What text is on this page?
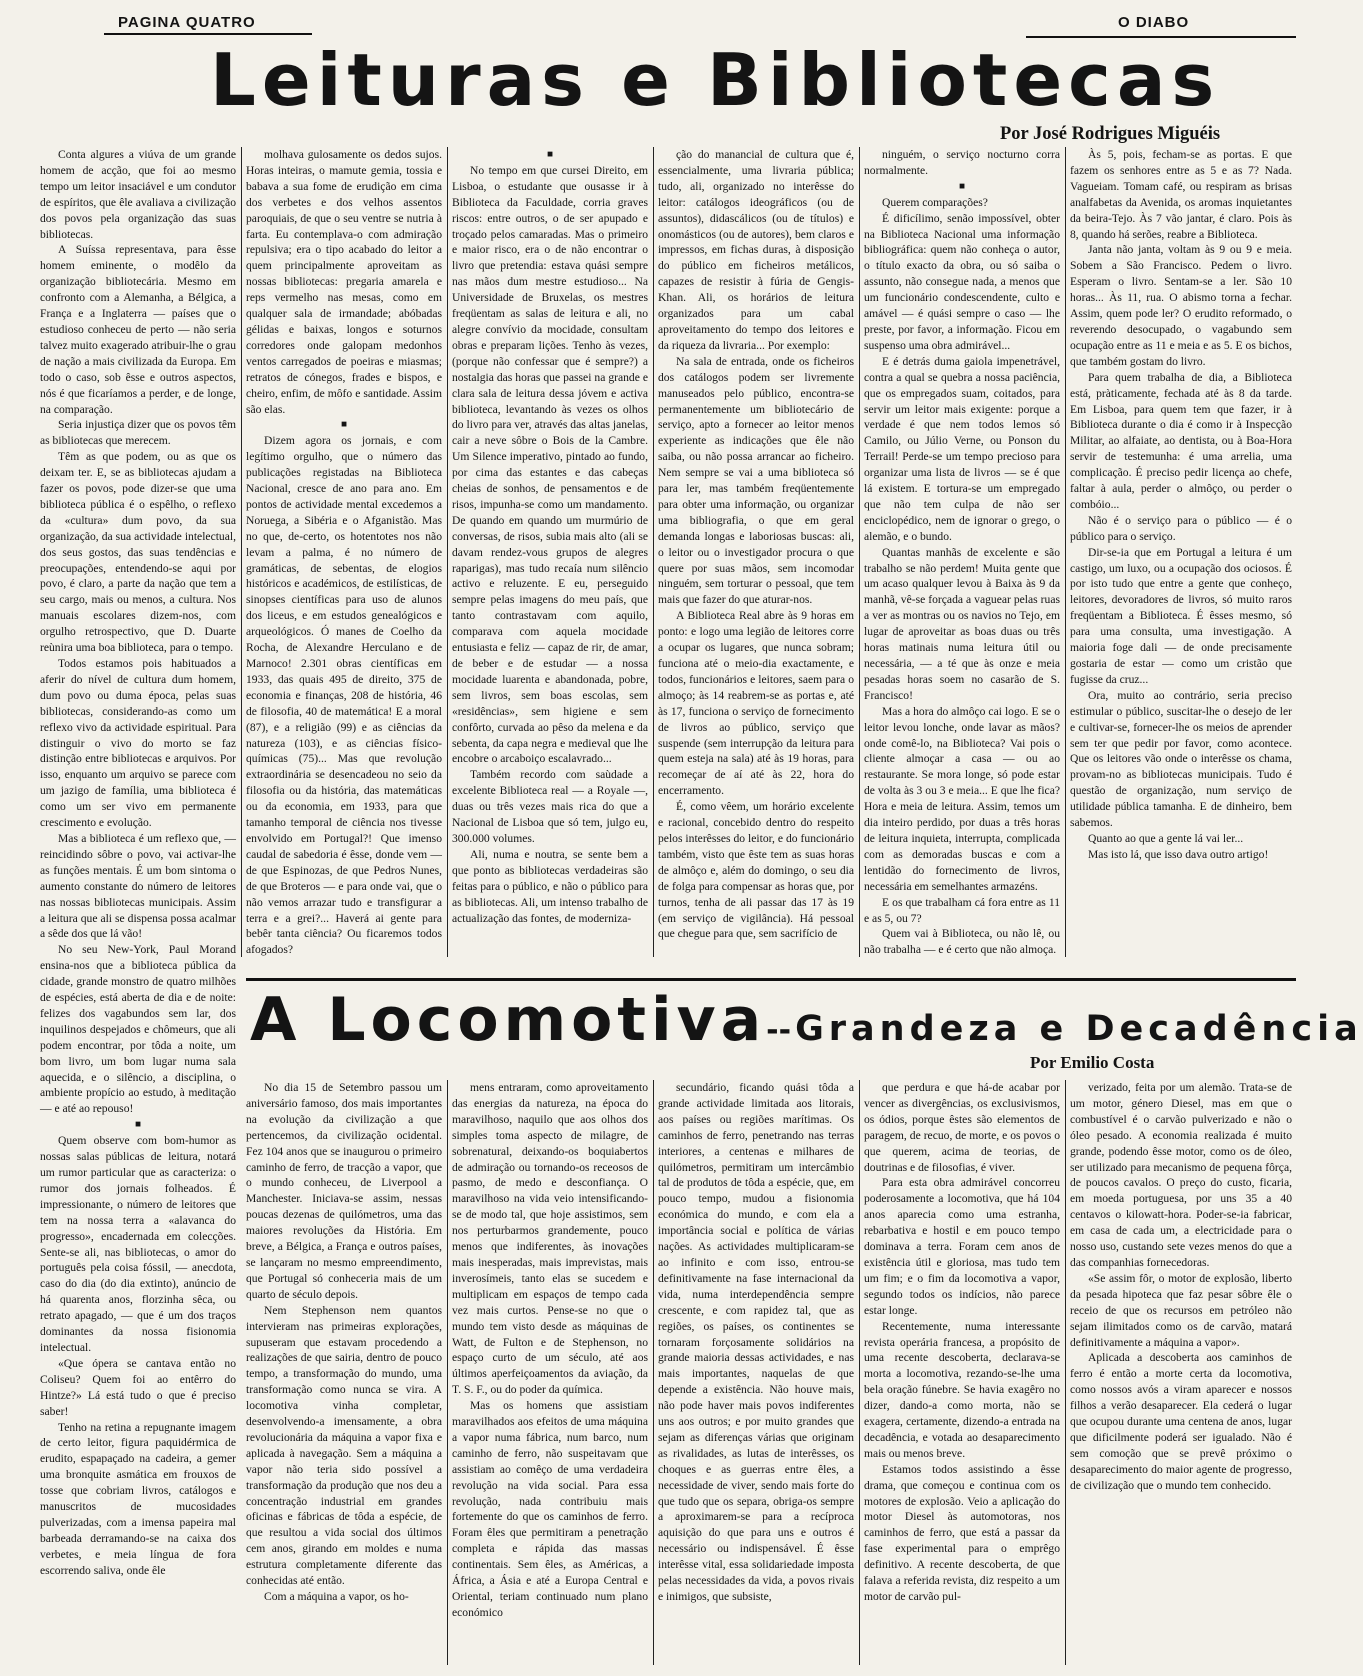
PAGINA QUATRO	O DIABO
Leituras e Bibliotecas
Por José Rodrigues Miguéis

Conta algures a viúva de um grande homem de acção, que foi ao mesmo tempo um leitor insaciável e um condutor de espíritos, que êle avaliava a civilização dos povos pela organização das suas bibliotecas.

A Suíssa representava, para êsse homem eminente, o modêlo da organização bibliotecária. Mesmo em confronto com a Alemanha, a Bélgica, a França e a Inglaterra — países que o estudioso conheceu de perto — não seria talvez muito exagerado atribuir-lhe o grau de nação a mais civilizada da Europa. Em todo o caso, sob êsse e outros aspectos, nós é que ficaríamos a perder, e de longe, na comparação.

Seria injustiça dizer que os povos têm as bibliotecas que merecem.

Têm as que podem, ou as que os deixam ter. E, se as bibliotecas ajudam a fazer os povos, pode dizer-se que uma biblioteca pública é o espêlho, o reflexo da «cultura» dum povo, da sua organização, da sua actividade intelectual, dos seus gostos, das suas tendências e preocupações, entendendo-se aqui por povo, é claro, a parte da nação que tem a seu cargo, mais ou menos, a cultura. Nos manuais escolares dizem-nos, com orgulho retrospectivo, que D. Duarte reùnira uma boa biblioteca, para o tempo.

Todos estamos pois habituados a aferir do nível de cultura dum homem, dum povo ou duma época, pelas suas bibliotecas, considerando-as como um reflexo vivo da actividade espiritual. Para distinguir o vivo do morto se faz distinção entre bibliotecas e arquivos. Por isso, enquanto um arquivo se parece com um jazigo de família, uma biblioteca é como um ser vivo em permanente crescimento e evolução.

Mas a biblioteca é um reflexo que, — reincidindo sôbre o povo, vai activar-lhe as funções mentais. É um bom sintoma o aumento constante do número de leitores nas nossas bibliotecas municipais. Assim a leitura que ali se dispensa possa acalmar a sêde dos que lá vão!

No seu New-York, Paul Morand ensina-nos que a biblioteca pública da cidade, grande monstro de quatro milhões de espécies, está aberta de dia e de noite: felizes dos vagabundos sem lar, dos inquilinos despejados e chômeurs, que ali podem encontrar, por tôda a noite, um bom livro, um bom lugar numa sala aquecida, e o silêncio, a disciplina, o ambiente propício ao estudo, à meditação — e até ao repouso!

■

Quem observe com bom-humor as nossas salas públicas de leitura, notará um rumor particular que as caracteriza: o rumor dos jornais folheados. É impressionante, o número de leitores que tem na nossa terra a «alavanca do progresso», encadernada em colecções. Sente-se ali, nas bibliotecas, o amor do português pela coisa fóssil, — anecdota, caso do dia (do dia extinto), anúncio de há quarenta anos, florzinha sêca, ou retrato apagado, — que é um dos traços dominantes da nossa fisionomia intelectual.

«Que ópera se cantava então no Coliseu? Quem foi ao entêrro do Hintze?» Lá está tudo o que é preciso saber!

Tenho na retina a repugnante imagem de certo leitor, figura paquidérmica de erudito, espapaçado na cadeira, a gemer uma bronquite asmática em frouxos de tosse que cobriam livros, catálogos e manuscritos de mucosidades pulverizadas, com a imensa papeira mal barbeada derramando-se na caixa dos verbetes, e meia língua de fora escorrendo saliva, onde êle

molhava gulosamente os dedos sujos. Horas inteiras, o mamute gemia, tossia e babava a sua fome de erudição em cima dos verbetes e dos velhos assentos paroquiais, de que o seu ventre se nutria à farta. Eu contemplava-o com admiração repulsiva; era o tipo acabado do leitor a quem principalmente aproveitam as nossas bibliotecas: pregaria amarela e reps vermelho nas mesas, como em qualquer sala de irmandade; abóbadas gélidas e baixas, longos e soturnos corredores onde galopam medonhos ventos carregados de poeiras e miasmas; retratos de cónegos, frades e bispos, e cheiro, enfim, de môfo e santidade. Assim são elas.

■

Dizem agora os jornais, e com legítimo orgulho, que o número das publicações registadas na Biblioteca Nacional, cresce de ano para ano. Em pontos de actividade mental excedemos a Noruega, a Sibéria e o Afganistão. Mas no que, de-certo, os hotentotes nos não levam a palma, é no número de gramáticas, de sebentas, de elogios históricos e académicos, de estilísticas, de sinopses científicas para uso de alunos dos liceus, e em estudos genealógicos e arqueológicos. Ó manes de Coelho da Rocha, de Alexandre Herculano e de Marnoco! 2.301 obras científicas em 1933, das quais 495 de direito, 375 de economia e finanças, 208 de história, 46 de filosofia, 40 de matemática! E a moral (87), e a religião (99) e as ciências da natureza (103), e as ciências físico-químicas (75)... Mas que revolução extraordinária se desencadeou no seio da filosofia ou da história, das matemáticas ou da economia, em 1933, para que tamanho temporal de ciência nos tivesse envolvido em Portugal?! Que imenso caudal de sabedoria é êsse, donde vem — de que Espinozas, de que Pedros Nunes, de que Broteros — e para onde vai, que o não vemos arrazar tudo e transfigurar a terra e a grei?... Haverá ai gente para bebêr tanta ciência? Ou ficaremos todos afogados?

■

No tempo em que cursei Direito, em Lisboa, o estudante que ousasse ir à Biblioteca da Faculdade, corria graves riscos: entre outros, o de ser apupado e troçado pelos camaradas. Mas o primeiro e maior risco, era o de não encontrar o livro que pretendia: estava quási sempre nas mãos dum mestre estudioso... Na Universidade de Bruxelas, os mestres freqüentam as salas de leitura e ali, no alegre convívio da mocidade, consultam obras e preparam lições. Tenho às vezes, (porque não confessar que é sempre?) a nostalgia das horas que passei na grande e clara sala de leitura dessa jóvem e activa biblioteca, levantando às vezes os olhos do livro para ver, através das altas janelas, cair a neve sôbre o Bois de la Cambre. Um Silence imperativo, pintado ao fundo, por cima das estantes e das cabeças cheias de sonhos, de pensamentos e de risos, impunha-se como um mandamento. De quando em quando um murmúrio de conversas, de risos, subia mais alto (ali se davam rendez-vous grupos de alegres raparigas), mas tudo recaía num silêncio activo e reluzente. E eu, perseguido sempre pelas imagens do meu país, que tanto contrastavam com aquilo, comparava com aquela mocidade entusiasta e feliz — capaz de rir, de amar, de beber e de estudar — a nossa mocidade luarenta e abandonada, pobre, sem livros, sem boas escolas, sem «residências», sem higiene e sem confôrto, curvada ao pêso da melena e da sebenta, da capa negra e medieval que lhe encobre o arcaboiço escalavrado...

Também recordo com saùdade a excelente Biblioteca real — a Royale —, duas ou três vezes mais rica do que a Nacional de Lisboa que só tem, julgo eu, 300.000 volumes.

Ali, numa e noutra, se sente bem a que ponto as bibliotecas verdadeiras são feitas para o público, e não o público para as bibliotecas. Ali, um intenso trabalho de actualização das fontes, de moderniza-

ção do manancial de cultura que é, essencialmente, uma livraria pública; tudo, ali, organizado no interêsse do leitor: catálogos ideográficos (ou de assuntos), didascálicos (ou de títulos) e onomásticos (ou de autores), bem claros e impressos, em fichas duras, à disposição do público em ficheiros metálicos, capazes de resistir à fúria de Gengis-Khan. Ali, os horários de leitura organizados para um cabal aproveitamento do tempo dos leitores e da riqueza da livraria... Por exemplo:

Na sala de entrada, onde os ficheiros dos catálogos podem ser livremente manuseados pelo público, encontra-se permanentemente um bibliotecário de serviço, apto a fornecer ao leitor menos experiente as indicações que êle não saiba, ou não possa arrancar ao ficheiro. Nem sempre se vai a uma biblioteca só para ler, mas também freqüentemente para obter uma informação, ou organizar uma bibliografia, o que em geral demanda longas e laboriosas buscas: ali, o leitor ou o investigador procura o que quere por suas mãos, sem incomodar ninguém, sem torturar o pessoal, que tem mais que fazer do que aturar-nos.

A Biblioteca Real abre às 9 horas em ponto: e logo uma legião de leitores corre a ocupar os lugares, que nunca sobram; funciona até o meio-dia exactamente, e todos, funcionários e leitores, saem para o almoço; às 14 reabrem-se as portas e, até às 17, funciona o serviço de fornecimento de livros ao público, serviço que suspende (sem interrupção da leitura para quem esteja na sala) até às 19 horas, para recomeçar de aí até às 22, hora do encerramento.

É, como vêem, um horário excelente e racional, concebido dentro do respeito pelos interêsses do leitor, e do funcionário também, visto que êste tem as suas horas de almôço e, além do domingo, o seu dia de folga para compensar as horas que, por turnos, tenha de ali passar das 17 às 19 (em serviço de vigilância). Há pessoal que chegue para que, sem sacrifício de

ninguém, o serviço nocturno corra normalmente.

■

Querem comparações?

É dificílimo, senão impossível, obter na Biblioteca Nacional uma informação bibliográfica: quem não conheça o autor, o título exacto da obra, ou só saiba o assunto, não consegue nada, a menos que um funcionário condescendente, culto e amável — é quási sempre o caso — lhe preste, por favor, a informação. Ficou em suspenso uma obra admirável...

E é detrás duma gaiola impenetrável, contra a qual se quebra a nossa paciência, que os empregados suam, coitados, para servir um leitor mais exigente: porque a verdade é que nem todos lemos só Camilo, ou Júlio Verne, ou Ponson du Terrail! Perde-se um tempo precioso para organizar uma lista de livros — se é que lá existem. E tortura-se um empregado que não tem culpa de não ser enciclopédico, nem de ignorar o grego, o alemão, e o bundo.

Quantas manhãs de excelente e são trabalho se não perdem! Muita gente que um acaso qualquer levou à Baixa às 9 da manhã, vê-se forçada a vaguear pelas ruas a ver as montras ou os navios no Tejo, em lugar de aproveitar as boas duas ou três horas matinais numa leitura útil ou necessária, — a té que às onze e meia pesadas horas soem no casarão de S. Francisco!

Mas a hora do almôço cai logo. E se o leitor levou lonche, onde lavar as mãos? onde comê-lo, na Biblioteca? Vai pois o cliente almoçar a casa — ou ao restaurante. Se mora longe, só pode estar de volta às 3 ou 3 e meia... E que lhe fica? Hora e meia de leitura. Assim, temos um dia inteiro perdido, por duas a três horas de leitura inquieta, interrupta, complicada com as demoradas buscas e com a lentidão do fornecimento de livros, necessária em semelhantes armazéns.

E os que trabalham cá fora entre as 11 e as 5, ou 7?

Quem vai à Biblioteca, ou não lê, ou não trabalha — e é certo que não almoça.

Às 5, pois, fecham-se as portas. E que fazem os senhores entre as 5 e as 7? Nada. Vagueiam. Tomam café, ou respiram as brisas analfabetas da Avenida, os aromas inquietantes da beira-Tejo. Às 7 vão jantar, é claro. Pois às 8, quando há serões, reabre a Biblioteca.

Janta não janta, voltam às 9 ou 9 e meia. Sobem a São Francisco. Pedem o livro. Esperam o livro. Sentam-se a ler. São 10 horas... Às 11, rua. O abismo torna a fechar. Assim, quem pode ler? O erudito reformado, o reverendo desocupado, o vagabundo sem ocupação entre as 11 e meia e as 5. E os bichos, que também gostam do livro.

Para quem trabalha de dia, a Biblioteca está, pràticamente, fechada até às 8 da tarde. Em Lisboa, para quem tem que fazer, ir à Biblioteca durante o dia é como ir à Inspecção Militar, ao alfaiate, ao dentista, ou à Boa-Hora servir de testemunha: é uma arrelia, uma complicação. É preciso pedir licença ao chefe, faltar à aula, perder o almôço, ou perder o combóio...

Não é o serviço para o público — é o público para o serviço.

Dir-se-ia que em Portugal a leitura é um castigo, um luxo, ou a ocupação dos ociosos. É por isto tudo que entre a gente que conheço, leitores, devoradores de livros, só muito raros freqüentam a Biblioteca. É êsses mesmo, só para uma consulta, uma investigação. A maioria foge dali — de onde precisamente gostaria de estar — como um cristão que fugisse da cruz...

Ora, muito ao contrário, seria preciso estimular o público, suscitar-lhe o desejo de ler e cultivar-se, fornecer-lhe os meios de aprender sem ter que pedir por favor, como acontece. Que os leitores vão onde o interêsse os chama, provam-no as bibliotecas municipais. Tudo é questão de organização, num serviço de utilidade pública tamanha. E de dinheiro, bem sabemos.

Quanto ao que a gente lá vai ler...

Mas isto lá, que isso dava outro artigo!

A Locomotiva-- Grandeza e Decadência
Por Emilio Costa

No dia 15 de Setembro passou um aniversário famoso, dos mais importantes na evolução da civilização a que pertencemos, da civilização ocidental. Fez 104 anos que se inaugurou o primeiro caminho de ferro, de tracção a vapor, que o mundo conheceu, de Liverpool a Manchester. Iniciava-se assim, nessas poucas dezenas de quilómetros, uma das maiores revoluções da História. Em breve, a Bélgica, a França e outros países, se lançaram no mesmo empreendimento, que Portugal só conheceria mais de um quarto de século depois.

Nem Stephenson nem quantos intervieram nas primeiras explorações, supuseram que estavam procedendo a realizações de que sairia, dentro de pouco tempo, a transformação do mundo, uma transformação como nunca se vira. A locomotiva vinha completar, desenvolvendo-a imensamente, a obra revolucionária da máquina a vapor fixa e aplicada à navegação. Sem a máquina a vapor não teria sido possível a transformação da produção que nos deu a concentração industrial em grandes oficinas e fábricas de tôda a espécie, de que resultou a vida social dos últimos cem anos, girando em moldes e numa estrutura completamente diferente das conhecidas até então.

Com a máquina a vapor, os ho-

mens entraram, como aproveitamento das energias da natureza, na época do maravilhoso, naquilo que aos olhos dos simples toma aspecto de milagre, de sobrenatural, deixando-os boquiabertos de admiração ou tornando-os receosos de pasmo, de medo e desconfiança. O maravilhoso na vida veio intensificando-se de modo tal, que hoje assistimos, sem nos perturbarmos grandemente, pouco menos que indiferentes, às inovações mais inesperadas, mais imprevistas, mais inverosímeis, tanto elas se sucedem e multiplicam em espaços de tempo cada vez mais curtos. Pense-se no que o mundo tem visto desde as máquinas de Watt, de Fulton e de Stephenson, no espaço curto de um século, até aos últimos aperfeiçoamentos da aviação, da T. S. F., ou do poder da química.

Mas os homens que assistiam maravilhados aos efeitos de uma máquina a vapor numa fábrica, num barco, num caminho de ferro, não suspeitavam que assistiam ao comêço de uma verdadeira revolução na vida social. Para essa revolução, nada contribuiu mais fortemente do que os caminhos de ferro. Foram êles que permitiram a penetração completa e rápida das massas continentais. Sem êles, as Américas, a África, a Ásia e até a Europa Central e Oriental, teriam continuado num plano económico

secundário, ficando quási tôda a grande actividade limitada aos litorais, aos países ou regiões marítimas. Os caminhos de ferro, penetrando nas terras interiores, a centenas e milhares de quilómetros, permitiram um intercâmbio tal de produtos de tôda a espécie, que, em pouco tempo, mudou a fisionomia económica do mundo, e com ela a importância social e política de várias nações. As actividades multiplicaram-se ao infinito e com isso, entrou-se definitivamente na fase internacional da vida, numa interdependência sempre crescente, e com rapidez tal, que as regiões, os países, os continentes se tornaram forçosamente solidários na grande maioria dessas actividades, e nas mais importantes, naquelas de que depende a existência. Não houve mais, não pode haver mais povos indiferentes uns aos outros; e por muito grandes que sejam as diferenças várias que originam as rivalidades, as lutas de interêsses, os choques e as guerras entre êles, a necessidade de viver, sendo mais forte do que tudo que os separa, obriga-os sempre a aproximarem-se para a recíproca aquisição do que para uns e outros é necessário ou indispensável. É êsse interêsse vital, essa solidariedade imposta pelas necessidades da vida, a povos rivais e inimigos, que subsiste,

que perdura e que há-de acabar por vencer as divergências, os exclusivismos, os ódios, porque êstes são elementos de paragem, de recuo, de morte, e os povos o que querem, acima de teorias, de doutrinas e de filosofias, é viver.

Para esta obra admirável concorreu poderosamente a locomotiva, que há 104 anos aparecia como uma estranha, rebarbativa e hostil e em pouco tempo dominava a terra. Foram cem anos de existência útil e gloriosa, mas tudo tem um fim; e o fim da locomotiva a vapor, segundo todos os indícios, não parece estar longe.

Recentemente, numa interessante revista operária francesa, a propósito de uma recente descoberta, declarava-se morta a locomotiva, rezando-se-lhe uma bela oração fúnebre. Se havia exagêro no dizer, dando-a como morta, não se exagera, certamente, dizendo-a entrada na decadência, e votada ao desaparecimento mais ou menos breve.

Estamos todos assistindo a êsse drama, que começou e continua com os motores de explosão. Veio a aplicação do motor Diesel às automotoras, nos caminhos de ferro, que está a passar da fase experimental para o emprêgo definitivo. A recente descoberta, de que falava a referida revista, diz respeito a um motor de carvão pul-

verizado, feita por um alemão. Trata-se de um motor, género Diesel, mas em que o combustível é o carvão pulverizado e não o óleo pesado. A economia realizada é muito grande, podendo êsse motor, como os de óleo, ser utilizado para mecanismo de pequena fôrça, de poucos cavalos. O preço do custo, ficaria, em moeda portuguesa, por uns 35 a 40 centavos o kilowatt-hora. Poder-se-ia fabricar, em casa de cada um, a electricidade para o nosso uso, custando sete vezes menos do que a das companhias fornecedoras.

«Se assim fôr, o motor de explosão, liberto da pesada hipoteca que faz pesar sôbre êle o receio de que os recursos em petróleo não sejam ilimitados como os de carvão, matará definitivamente a máquina a vapor».

Aplicada a descoberta aos caminhos de ferro é então a morte certa da locomotiva, como nossos avós a viram aparecer e nossos filhos a verão desaparecer. Ela cederá o lugar que ocupou durante uma centena de anos, lugar que dificilmente poderá ser igualado. Não é sem comoção que se prevê próximo o desaparecimento do maior agente de progresso, de civilização que o mundo tem conhecido.
